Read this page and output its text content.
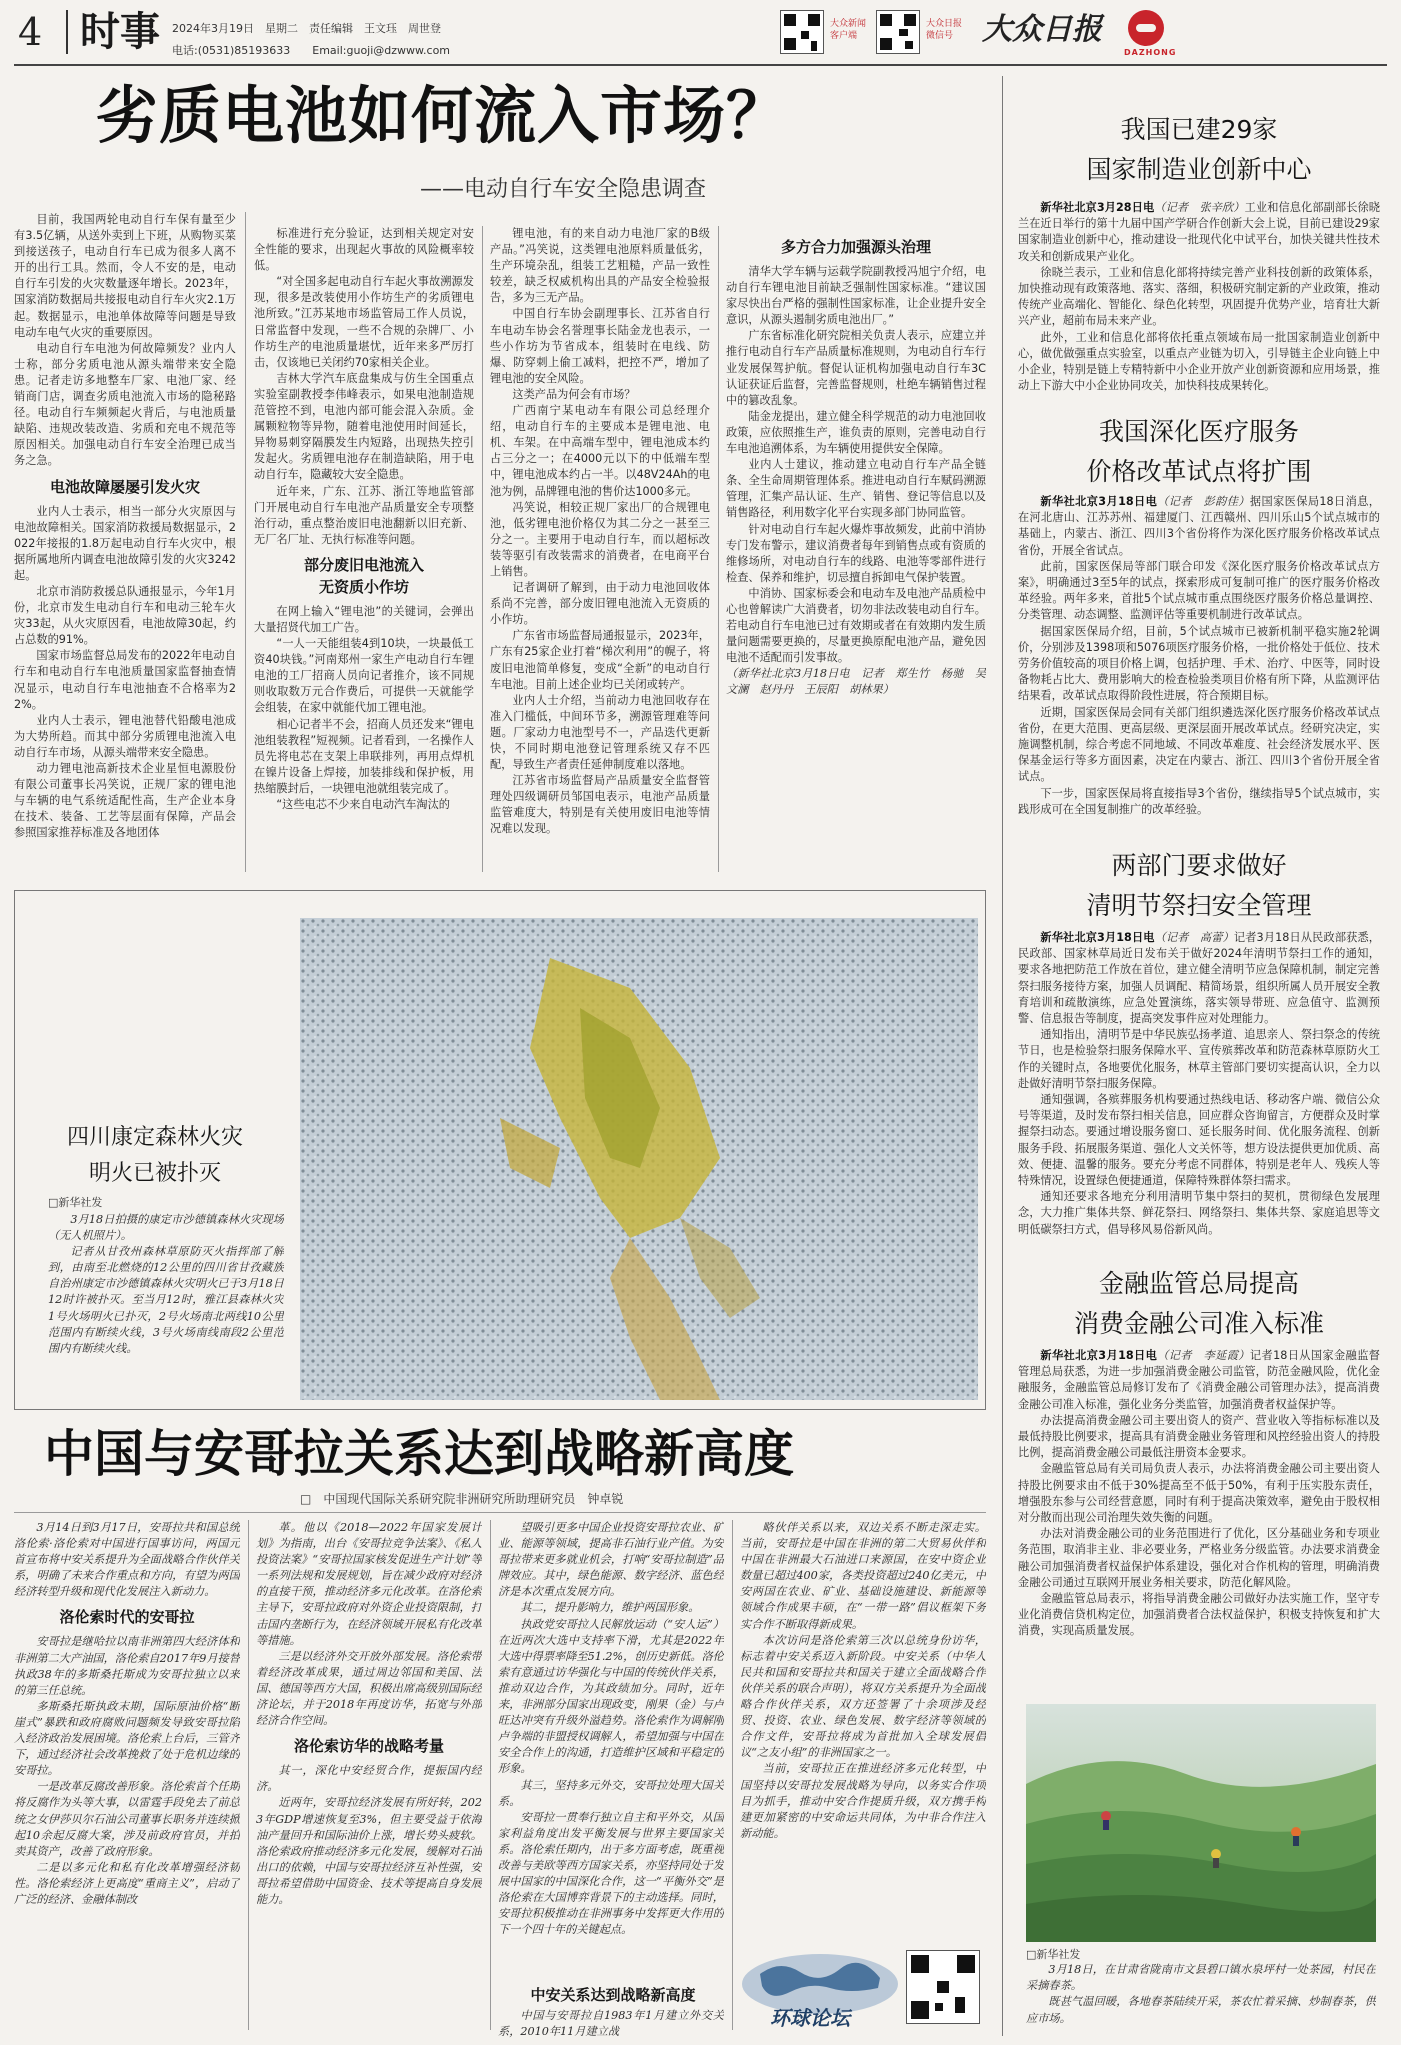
4 时事 2024年3月19日　星期二　责任编辑　王文珏　周世登
电话:(0531)85193633　　Email:guoji@dzwww.com
大众新闻
客户端
大众日报
微信号 大众日报
DAZHONG
劣质电池如何流入市场？
——电动自行车安全隐患调查

目前，我国两轮电动自行车保有量至少有3.5亿辆，从送外卖到上下班，从购物买菜到接送孩子，电动自行车已成为很多人离不开的出行工具。然而，令人不安的是，电动自行车引发的火灾数量逐年增长。2023年，国家消防数据局共接报电动自行车火灾2.1万起。数据显示，电池单体故障等问题是导致电动车电气火灾的重要原因。

电动自行车电池为何故障频发？业内人士称，部分劣质电池从源头端带来安全隐患。记者走访多地整车厂家、电池厂家、经销商门店，调查劣质电池流入市场的隐秘路径。电动自行车频频起火背后，与电池质量缺陷、违规改装改造、劣质和充电不规范等原因相关。加强电动自行车安全治理已成当务之急。

电池故障屡屡引发火灾

业内人士表示，相当一部分火灾原因与电池故障相关。国家消防救援局数据显示，2022年接报的1.8万起电动自行车火灾中，根据所属地所内调查电池故障引发的火灾3242起。

北京市消防救援总队通报显示，今年1月份，北京市发生电动自行车和电动三轮车火灾33起，从火灾原因看，电池故障30起，约占总数的91%。

国家市场监督总局发布的2022年电动自行车和电动自行车电池质量国家监督抽查情况显示，电动自行车电池抽查不合格率为22%。

业内人士表示，锂电池替代铅酸电池成为大势所趋。而其中部分劣质锂电池流入电动自行车市场，从源头端带来安全隐患。

动力锂电池高新技术企业星恒电源股份有限公司董事长冯笑说，正规厂家的锂电池与车辆的电气系统适配性高，生产企业本身在技术、装备、工艺等层面有保障，产品会参照国家推荐标准及各地团体

标准进行充分验证，达到相关规定对安全性能的要求，出现起火事故的风险概率较低。

“对全国多起电动自行车起火事故溯源发现，很多是改装使用小作坊生产的劣质锂电池所致。”江苏某地市场监管局工作人员说，日常监督中发现，一些不合规的杂牌厂、小作坊生产的电池质量堪忧，近年来多严厉打击，仅该地已关闭约70家相关企业。

吉林大学汽车底盘集成与仿生全国重点实验室副教授李伟峰表示，如果电池制造规范管控不到，电池内部可能会混入杂质。金属颗粒物等异物，随着电池使用时间延长，异物易刺穿隔膜发生内短路，出现热失控引发起火。劣质锂电池存在制造缺陷，用于电动自行车，隐藏较大安全隐患。

近年来，广东、江苏、浙江等地监管部门开展电动自行车电池产品质量安全专项整治行动，重点整治废旧电池翻新以旧充新、无厂名厂址、无执行标准等问题。

部分废旧电池流入
无资质小作坊

在网上输入“锂电池”的关键词，会弹出大量招贤代加工广告。

“一人一天能组装4到10块，一块最低工资40块钱。”河南郑州一家生产电动自行车锂电池的工厂招商人员向记者推介，该不同规则收取数万元合作费后，可提供一天就能学会组装，在家中就能代加工锂电池。

相心记者半不会，招商人员还发来“锂电池组装教程”短视频。记者看到，一名操作人员先将电芯在支架上串联排列，再用点焊机在镍片设备上焊接，加装排线和保护板，用热缩膜封后，一块锂电池就组装完成了。

“这些电芯不少来自电动汽车淘汰的

锂电池，有的来自动力电池厂家的B级产品。”冯笑说，这类锂电池原料质量低劣，生产环境杂乱，组装工艺粗糙，产品一致性较差，缺乏权威机构出具的产品安全检验报告，多为三无产品。

中国自行车协会副理事长、江苏省自行车电动车协会名誉理事长陆金龙也表示，一些小作坊为节省成本，组装时在电线、防爆、防穿刺上偷工减料，把控不严，增加了锂电池的安全风险。

这类产品为何会有市场？

广西南宁某电动车有限公司总经理介绍，电动自行车的主要成本是锂电池、电机、车架。在中高端车型中，锂电池成本约占三分之一；在4000元以下的中低端车型中，锂电池成本约占一半。以48V24Ah的电池为例，品牌锂电池的售价达1000多元。

冯笑说，相较正规厂家出厂的合规锂电池，低劣锂电池价格仅为其二分之一甚至三分之一。主要用于电动自行车，而以超标改装等驱引有改装需求的消费者，在电商平台上销售。

记者调研了解到，由于动力电池回收体系尚不完善，部分废旧锂电池流入无资质的小作坊。

广东省市场监督局通报显示，2023年，广东有25家企业打着“梯次利用”的幌子，将废旧电池简单修复，变成“全新”的电动自行车电池。目前上述企业均已关闭或转产。

业内人士介绍，当前动力电池回收存在准入门槛低，中间环节多，溯源管理难等问题。厂家动力电池型号不一，产品迭代更新快，不同时期电池登记管理系统又存不匹配，导致生产者责任延伸制度难以落地。

江苏省市场监督局产品质量安全监督管理处四级调研员邹国电表示，电池产品质量监管难度大，特别是有关使用废旧电池等情况难以发现。

多方合力加强源头治理

清华大学车辆与运载学院副教授冯旭宁介绍，电动自行车锂电池目前缺乏强制性国家标准。“建议国家尽快出台严格的强制性国家标准，让企业提升安全意识，从源头遏制劣质电池出厂。”

广东省标准化研究院相关负责人表示，应建立并推行电动自行车产品质量标准规则，为电动自行车行业发展保驾护航。督促认证机构加强电动自行车3C认证获证后监督，完善监督规则，杜绝车辆销售过程中的篡改乱象。

陆金龙提出，建立健全科学规范的动力电池回收政策，应依照推生产，谁负责的原则，完善电动自行车电池追溯体系，为车辆使用提供安全保障。

业内人士建议，推动建立电动自行车产品全链条、全生命周期管理体系。推进电动自行车赋码溯源管理，汇集产品认证、生产、销售、登记等信息以及销售路径，利用数字化平台实现多部门协同监管。

针对电动自行车起火爆炸事故频发，此前中消协专门发布警示，建议消费者每年到销售点或有资质的维修场所，对电动自行车的线路、电池等零部件进行检查、保养和维护，切忌擅自拆卸电气保护装置。

中消协、国家标委会和电动车及电池产品质检中心也曾解读广大消费者，切勿非法改装电动自行车。若电动自行车电池已过有效期或者在有效期内发生质量问题需要更换的，尽量更换原配电池产品，避免因电池不适配而引发事故。

（新华社北京3月18日电　记者　郑生竹　杨驰　吴文澜　赵丹丹　王辰阳　胡林果）

四川康定森林火灾
明火已被扑灭
□新华社发

3月18日拍摄的康定市沙德镇森林火灾现场（无人机照片）。

记者从甘孜州森林草原防灭火指挥部了解到，由南至北燃烧的12公里的四川省甘孜藏族自治州康定市沙德镇森林火灾明火已于3月18日12时许被扑灭。至当月12时，雅江县森林火灾1号火场明火已扑灭，2号火场南北两线10公里范围内有断续火线，3号火场南线南段2公里范围内有断续火线。

中国与安哥拉关系达到战略新高度
□　中国现代国际关系研究院非洲研究所助理研究员　钟卓锐

3月14日到3月17日，安哥拉共和国总统洛伦索·洛伦索对中国进行国事访问，两国元首宣布将中安关系提升为全面战略合作伙伴关系，明确了未来合作重点和方向，有望为两国经济转型升级和现代化发展注入新动力。

洛伦索时代的安哥拉

安哥拉是继哈拉以南非洲第四大经济体和非洲第二大产油国，洛伦索自2017年9月接替执政38年的多斯桑托斯成为安哥拉独立以来的第三任总统。

多斯桑托斯执政末期，国际原油价格“断崖式”暴跌和政府腐败问题频发导致安哥拉陷入经济政治发展困境。洛伦索上台后，三管齐下，通过经济社会改革挽救了处于危机边缘的安哥拉。

一是改革反腐改善形象。洛伦索首个任期将反腐作为头等大事，以雷霆手段免去了前总统之女伊莎贝尔石油公司董事长职务并连续掀起10余起反腐大案，涉及前政府官员，并拍卖其资产，改善了政府形象。

二是以多元化和私有化改革增强经济韧性。洛伦索经济上更高度“重商主义”，启动了广泛的经济、金融体制改

革。他以《2018—2022年国家发展计划》为指南，出台《安哥拉竞争法案》、《私人投资法案》“安哥拉国家核发促进生产计划”等一系列法规和发展规划，旨在减少政府对经济的直接干预，推动经济多元化改革。在洛伦索主导下，安哥拉政府对外资企业投资限制，打击国内垄断行为，在经济领域开展私有化改革等措施。

三是以经济外交开放外部发展。洛伦索带着经济改革成果，通过周边邻国和美国、法国、德国等西方大国，积极出席高级别国际经济论坛，并于2018年再度访华，拓宽与外部经济合作空间。

洛伦索访华的战略考量

其一，深化中安经贸合作，提振国内经济。

近两年，安哥拉经济发展有所好转，2023年GDP增速恢复至3%，但主要受益于依海油产量回升和国际油价上涨，增长势头疲软。洛伦索政府推动经济多元化发展，缓解对石油出口的依赖，中国与安哥拉经济互补性强，安哥拉希望借助中国资金、技术等提高自身发展能力。

望吸引更多中国企业投资安哥拉农业、矿业、能源等领域，提高非石油行业产值。为安哥拉带来更多就业机会，打响“安哥拉制造”品牌效应。其中，绿色能源、数字经济、蓝色经济是本次重点发展方向。

其二，提升影响力，维护两国形象。

执政党安哥拉人民解放运动（“安人运”）在近两次大选中支持率下滑，尤其是2022年大选中得票率降至51.2%，创历史新低。洛伦索有意通过访华强化与中国的传统伙伴关系，推动双边合作，为其政绩加分。同时，近年来，非洲部分国家出现政变，刚果（金）与卢旺达冲突有升级外溢趋势。洛伦索作为调解刚卢争端的非盟授权调解人，希望加强与中国在安全合作上的沟通，打造维护区域和平稳定的形象。

其三，坚持多元外交，安哥拉处理大国关系。

安哥拉一贯奉行独立自主和平外交，从国家利益角度出发平衡发展与世界主要国家关系。洛伦索任期内，出于多方面考虑，既重视改善与美欧等西方国家关系，亦坚持同处于发展中国家的中国深化合作，这一“平衡外交”是洛伦索在大国博弈背景下的主动选择。同时，安哥拉积极推动在非洲事务中发挥更大作用的下一个四十年的关键起点。

略伙伴关系以来，双边关系不断走深走实。当前，安哥拉是中国在非洲的第二大贸易伙伴和中国在非洲最大石油进口来源国，在安中资企业数量已超过400家，各类投资超过240亿美元，中安两国在农业、矿业、基础设施建设、新能源等领域合作成果丰硕，在“一带一路”倡议框架下务实合作不断取得新成果。

本次访问是洛伦索第三次以总统身份访华，标志着中安关系迈入新阶段。中安关系（中华人民共和国和安哥拉共和国关于建立全面战略合作伙伴关系的联合声明），将双方关系提升为全面战略合作伙伴关系，双方还签署了十余项涉及经贸、投资、农业、绿色发展、数字经济等领域的合作文件，安哥拉将成为首批加入全球发展倡议“之友小组”的非洲国家之一。

当前，安哥拉正在推进经济多元化转型，中国坚持以安哥拉发展战略为导向，以务实合作项目为抓手，推动中安合作提质升级，双方携手构建更加紧密的中安命运共同体，为中非合作注入新动能。

中安关系达到战略新高度

中国与安哥拉自1983年1月建立外交关系，2010年11月建立战

环球论坛
我国已建29家
国家制造业创新中心

新华社北京3月28日电（记者　张辛欣）工业和信息化部副部长徐晓兰在近日举行的第十九届中国产学研合作创新大会上说，目前已建设29家国家制造业创新中心，推动建设一批现代化中试平台，加快关键共性技术攻关和创新成果产业化。

徐晓兰表示，工业和信息化部将持续完善产业科技创新的政策体系，加快推动现有政策落地、落实、落细，积极研究制定新的产业政策，推动传统产业高端化、智能化、绿色化转型，巩固提升优势产业，培育壮大新兴产业，超前布局未来产业。

此外，工业和信息化部将依托重点领域布局一批国家制造业创新中心，做优做强重点实验室，以重点产业链为切入，引导链主企业向链上中小企业，特别是链上专精特新中小企业开放产业创新资源和应用场景，推动上下游大中小企业协同攻关，加快科技成果转化。

我国深化医疗服务
价格改革试点将扩围

新华社北京3月18日电（记者　彭韵佳）据国家医保局18日消息，在河北唐山、江苏苏州、福建厦门、江西赣州、四川乐山5个试点城市的基础上，内蒙古、浙江、四川3个省份将作为深化医疗服务价格改革试点省份，开展全省试点。

此前，国家医保局等部门联合印发《深化医疗服务价格改革试点方案》，明确通过3至5年的试点，探索形成可复制可推广的医疗服务价格改革经验。两年多来，首批5个试点城市重点围绕医疗服务价格总量调控、分类管理、动态调整、监测评估等重要机制进行改革试点。

据国家医保局介绍，目前，5个试点城市已被新机制平稳实施2轮调价，分别涉及1398项和5076项医疗服务价格，一批价格处于低位、技术劳务价值较高的项目价格上调，包括护理、手术、治疗、中医等，同时设备物耗占比大、费用影响大的检查检验类项目价格有所下降，从监测评估结果看，改革试点取得阶段性进展，符合预期目标。

近期，国家医保局会同有关部门组织遴选深化医疗服务价格改革试点省份，在更大范围、更高层级、更深层面开展改革试点。经研究决定，实施调整机制，综合考虑不同地域、不同改革难度、社会经济发展水平、医保基金运行等多方面因素，决定在内蒙古、浙江、四川3个省份开展全省试点。

下一步，国家医保局将直接指导3个省份，继续指导5个试点城市，实践形成可在全国复制推广的改革经验。

两部门要求做好
清明节祭扫安全管理

新华社北京3月18日电（记者　高蕾）记者3月18日从民政部获悉，民政部、国家林草局近日发布关于做好2024年清明节祭扫工作的通知，要求各地把防范工作放在首位，建立健全清明节应急保障机制，制定完善祭扫服务接待方案，加强人员调配、精简场景，组织所属人员开展安全教育培训和疏散演练，应急处置演练，落实领导带班、应急值守、监测预警、信息报告等制度，提高突发事件应对处理能力。

通知指出，清明节是中华民族弘扬孝道、追思亲人、祭扫祭念的传统节日，也是检验祭扫服务保障水平、宣传殡葬改革和防范森林草原防火工作的关键时点，各地要优化服务，林草主管部门要切实提高认识，全力以赴做好清明节祭扫服务保障。

通知强调，各殡葬服务机构要通过热线电话、移动客户端、微信公众号等渠道，及时发布祭扫相关信息，回应群众咨询留言，方便群众及时掌握祭扫动态。要通过增设服务窗口、延长服务时间、优化服务流程、创新服务手段、拓展服务渠道、强化人文关怀等，想方设法提供更加优质、高效、便捷、温馨的服务。要充分考虑不同群体，特别是老年人、残疾人等特殊情况，设置绿色便捷通道，保障特殊群体祭扫需求。

通知还要求各地充分利用清明节集中祭扫的契机，贯彻绿色发展理念，大力推广集体共祭、鲜花祭扫、网络祭扫、集体共祭、家庭追思等文明低碳祭扫方式，倡导移风易俗新风尚。

金融监管总局提高
消费金融公司准入标准

新华社北京3月18日电（记者　李延霞）记者18日从国家金融监督管理总局获悉，为进一步加强消费金融公司监管，防范金融风险，优化金融服务，金融监管总局修订发布了《消费金融公司管理办法》，提高消费金融公司准入标准，强化业务分类监管，加强消费者权益保护等。

办法提高消费金融公司主要出资人的资产、营业收入等指标标准以及最低持股比例要求，提高具有消费金融业务管理和风控经验出资人的持股比例，提高消费金融公司最低注册资本金要求。

金融监管总局有关司局负责人表示，办法将消费金融公司主要出资人持股比例要求由不低于30%提高至不低于50%，有利于压实股东责任，增强股东参与公司经营意愿，同时有利于提高决策效率，避免由于股权相对分散而出现公司治理失效失衡的问题。

办法对消费金融公司的业务范围进行了优化，区分基础业务和专项业务范围，取消非主业、非必要业务，严格业务分级监管。办法要求消费金融公司加强消费者权益保护体系建设，强化对合作机构的管理，明确消费金融公司通过互联网开展业务相关要求，防范化解风险。

金融监管总局表示，将指导消费金融公司做好办法实施工作，坚守专业化消费信贷机构定位，加强消费者合法权益保护，积极支持恢复和扩大消费，实现高质量发展。

□新华社发

3月18日，在甘肃省陇南市文县碧口镇水泉坪村一处茶园，村民在采摘春茶。

既甚气温回暖，各地春茶陆续开采，茶农忙着采摘、炒制春茶，供应市场。
